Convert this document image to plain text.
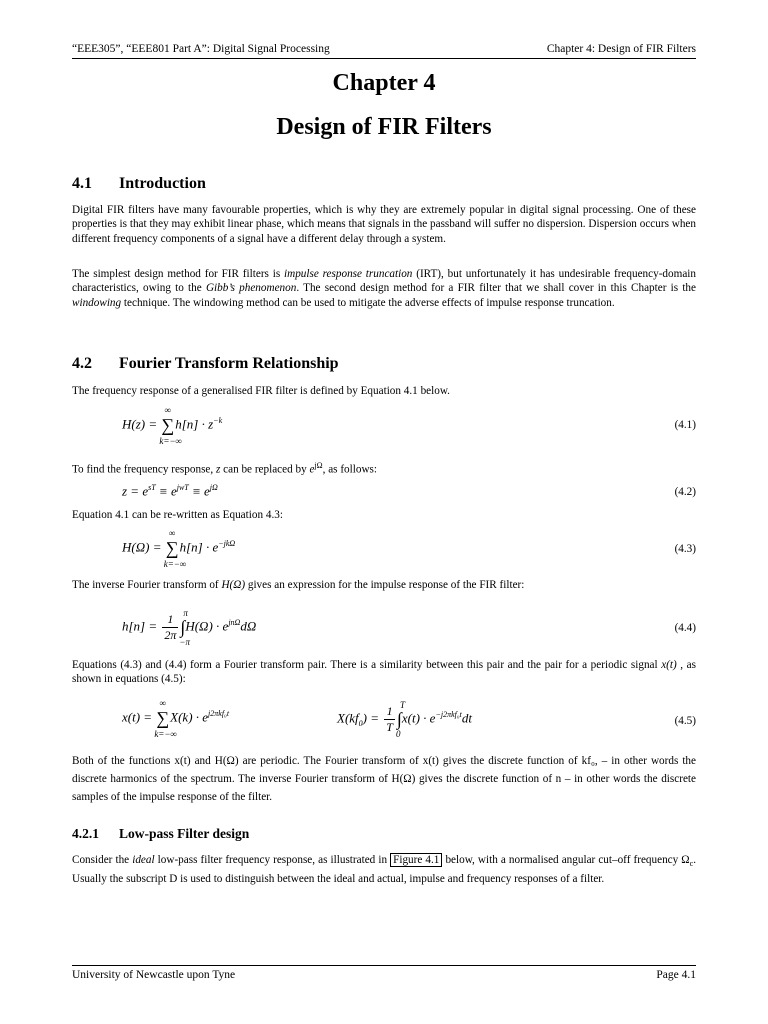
“EEE305”, “EEE801 Part A”: Digital Signal Processing	Chapter 4: Design of FIR Filters
Chapter 4
Design of FIR Filters
4.1 Introduction
Digital FIR filters have many favourable properties, which is why they are extremely popular in digital signal processing. One of these properties is that they may exhibit linear phase, which means that signals in the passband will suffer no dispersion. Dispersion occurs when different frequency components of a signal have a different delay through a system.
The simplest design method for FIR filters is impulse response truncation (IRT), but unfortunately it has undesirable frequency-domain characteristics, owing to the Gibb’s phenomenon. The second design method for a FIR filter that we shall cover in this Chapter is the windowing technique. The windowing method can be used to mitigate the adverse effects of impulse response truncation.
4.2 Fourier Transform Relationship
The frequency response of a generalised FIR filter is defined by Equation 4.1 below.
H(z) = ∑
∞
k=−∞
$h[n] \cdot z^{-k}$	(4.1)
To find the frequency response, z can be replaced by $e^{j\Omega}$, as follows:
$z = e^{sT} \equiv e^{jwT} \equiv e^{j\Omega}$	(4.2)
Equation 4.1 can be re-written as Equation 4.3:
H(Ω) = ∑
∞
k=−∞
$h[n] \cdot e^{-jk\Omega}$	(4.3)
The inverse Fourier transform of H(Ω) gives an expression for the impulse response of the FIR filter:
$h[n] = \frac{1}{2\pi}$ ∫
π
−π
$H(\Omega) \cdot e^{jn\Omega}d\Omega$	(4.4)
Equations (4.3) and (4.4) form a Fourier transform pair. There is a similarity between this pair and the pair for a periodic signal x(t) , as shown in equations (4.5):
x(t) = ∑
∞
k=−∞
$X(k) \cdot e^{j2\pi kf_0t}$	$X(kf_0) = \frac{1}{T}$ ∫
T
0
$x(t) \cdot e^{-j2\pi kf_0t}dt$	(4.5)
Both of the functions x(t) and H(Ω) are periodic. The Fourier transform of x(t) gives the discrete function of kf₀, – in other words the discrete harmonics of the spectrum. The inverse Fourier transform of H(Ω) gives the discrete function of n – in other words the discrete samples of the impulse response of the filter.
4.2.1 Low-pass Filter design
Consider the ideal low-pass filter frequency response, as illustrated in Figure 4.1 below, with a normalised angular cut–off frequency $\Omega_c$. Usually the subscript D is used to distinguish between the ideal and actual, impulse and frequency responses of a filter.
University of Newcastle upon Tyne	Page 4.1
